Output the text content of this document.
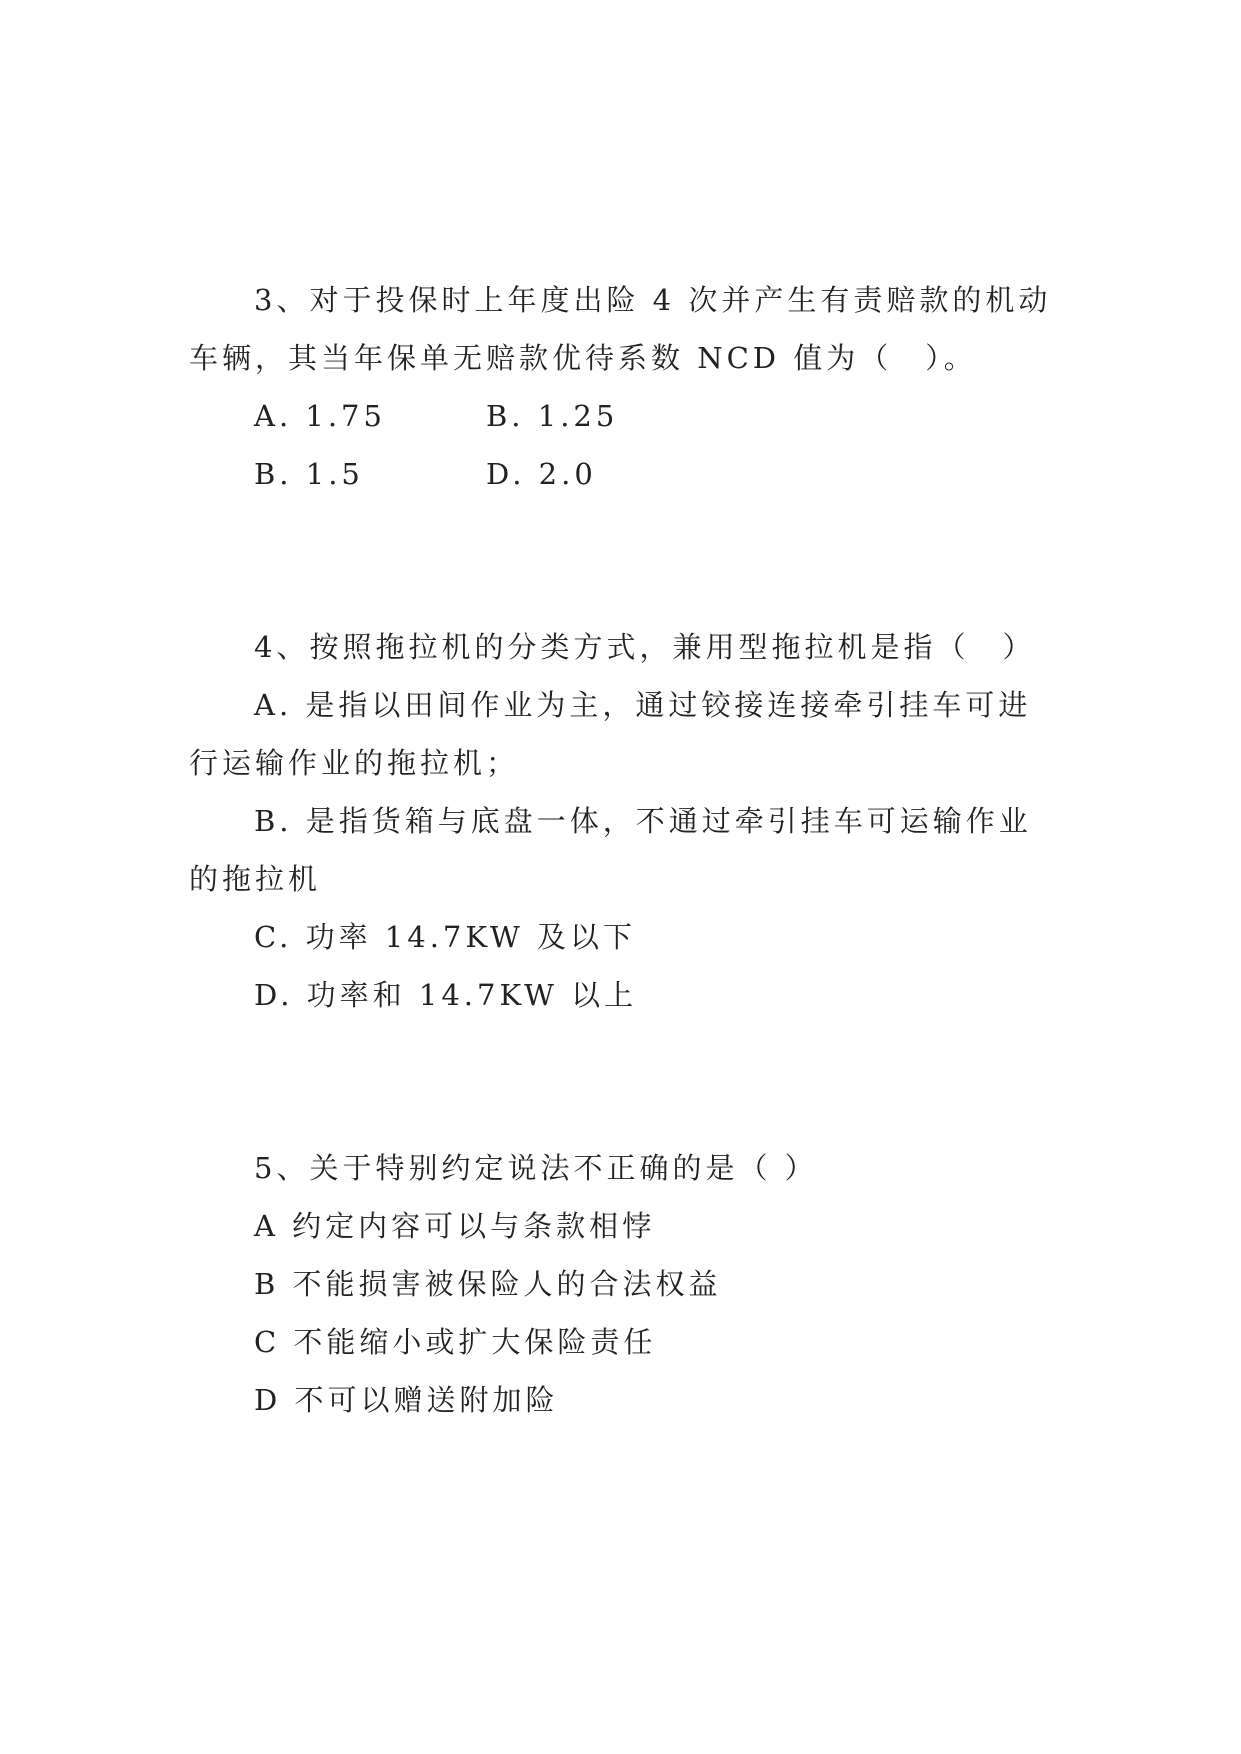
3、对于投保时上年度出险 4 次并产生有责赔款的机动
车辆，其当年保单无赔款优待系数 NCD 值为（　）。
A. 1.75	B. 1.25
B. 1.5	D. 2.0
4、按照拖拉机的分类方式，兼用型拖拉机是指（　）
A. 是指以田间作业为主，通过铰接连接牵引挂车可进
行运输作业的拖拉机；
B. 是指货箱与底盘一体，不通过牵引挂车可运输作业
的拖拉机
C. 功率 14.7KW 及以下
D. 功率和 14.7KW 以上
5、关于特别约定说法不正确的是（ ）
A 约定内容可以与条款相悖
B 不能损害被保险人的合法权益
C 不能缩小或扩大保险责任
D 不可以赠送附加险
